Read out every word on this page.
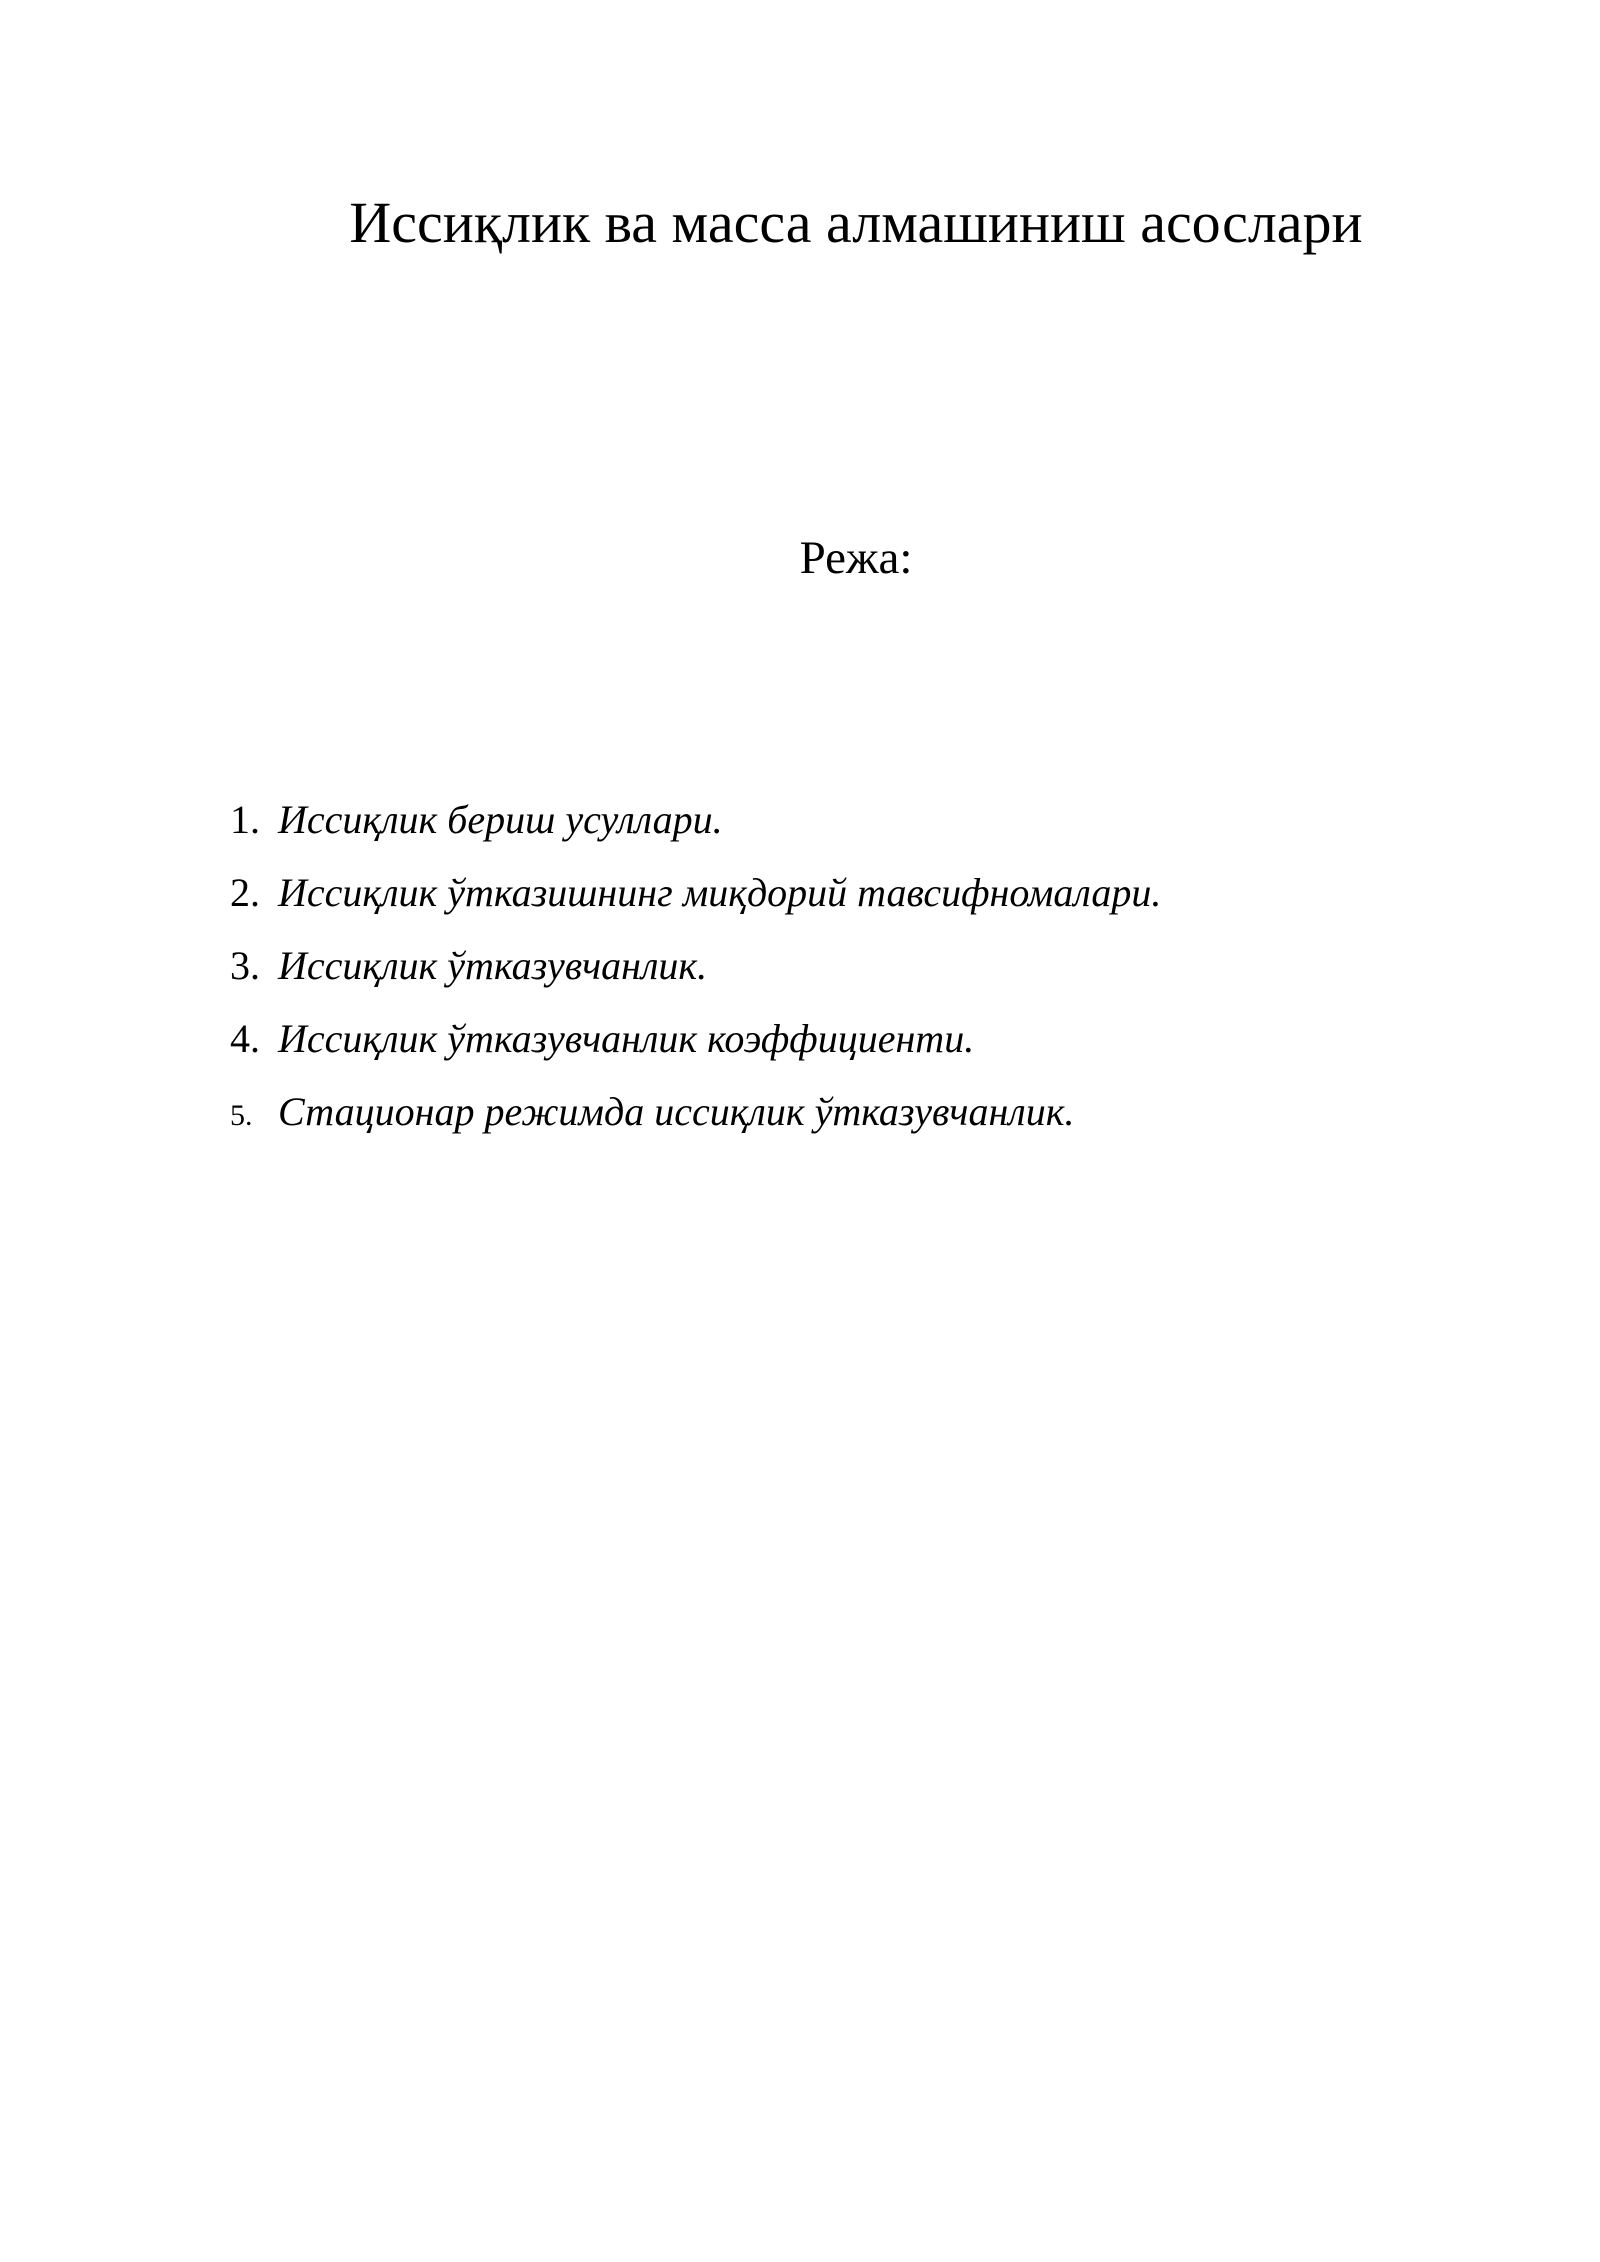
Иссиқлик ва масса алмашиниш асослари
Режа:
1. Иссиқлик бериш усуллари.
2. Иссиқлик ўтказишнинг миқдорий тавсифномалари.
3. Иссиқлик ўтказувчанлик.
4. Иссиқлик ўтказувчанлик коэффициенти.
5. Стационар режимда иссиқлик ўтказувчанлик.
